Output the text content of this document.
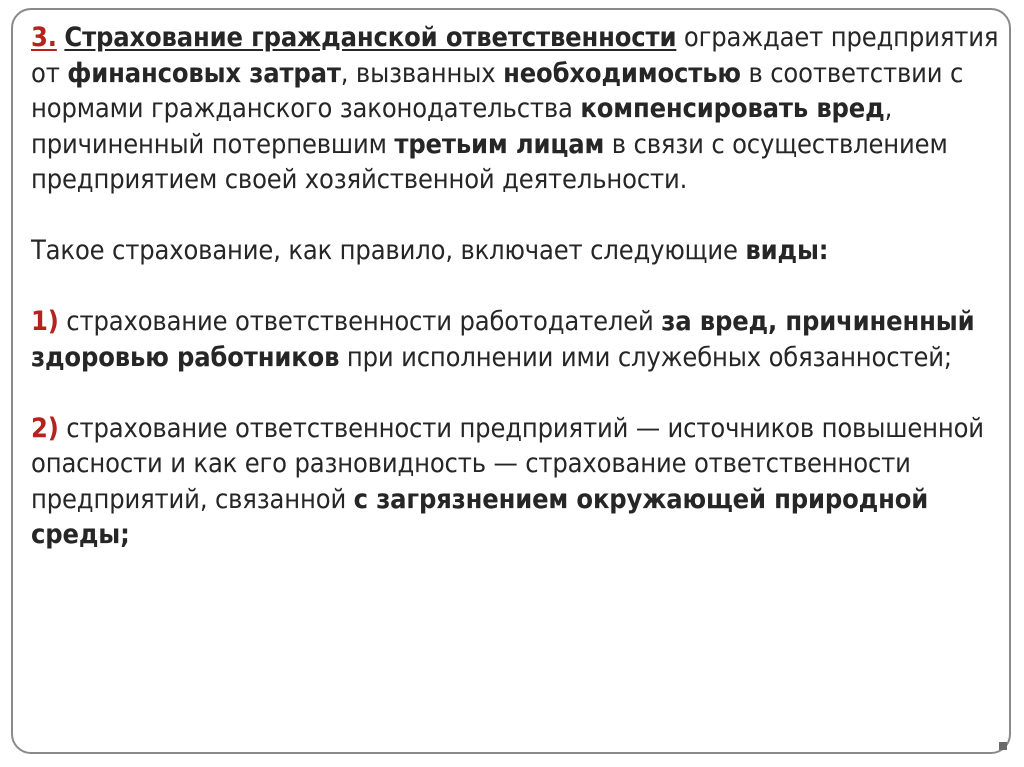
3. Страхование гражданской ответственности ограждает предприятия от финансовых затрат, вызванных необходимостью в соответствии с нормами гражданского законодательства компенсировать вред, причиненный потерпевшим третьим лицам в связи с осуществлением предприятием своей хозяйственной деятельности.

Такое страхование, как правило, включает следующие виды:

1) страхование ответственности работодателей за вред, причиненный здоровью работников при исполнении ими служебных обязанностей;

2) страхование ответственности предприятий — источников повышенной опасности и как его разновидность — страхование ответственности предприятий, связанной с загрязнением окружающей природной среды;
